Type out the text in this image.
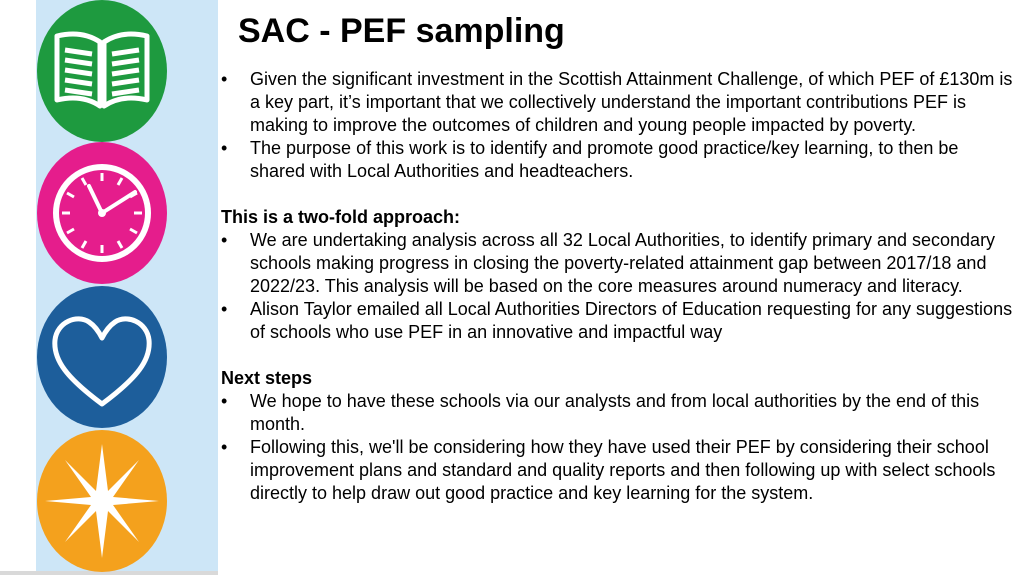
SAC - PEF sampling
• Given the significant investment in the Scottish Attainment Challenge, of which PEF of £130m is a key part, it’s important that we collectively understand the important contributions PEF is making to improve the outcomes of children and young people impacted by poverty.
• The purpose of this work is to identify and promote good practice/key learning, to then be shared with Local Authorities and headteachers.
This is a two-fold approach:
• We are undertaking analysis across all 32 Local Authorities, to identify primary and secondary schools making progress in closing the poverty-related attainment gap between 2017/18 and 2022/23. This analysis will be based on the core measures around numeracy and literacy.
• Alison Taylor emailed all Local Authorities Directors of Education requesting for any suggestions of schools who use PEF in an innovative and impactful way
Next steps
• We hope to have these schools via our analysts and from local authorities by the end of this month.
• Following this, we'll be considering how they have used their PEF by considering their school improvement plans and standard and quality reports and then following up with select schools directly to help draw out good practice and key learning for the system.
